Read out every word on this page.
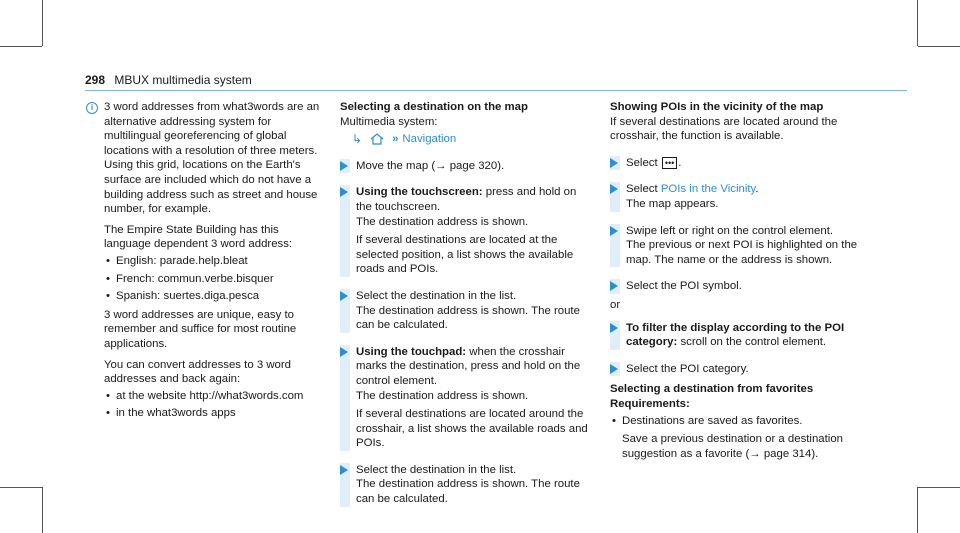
298 MBUX multimedia system
i 3 word addresses from what3words are an alternative addressing system for multilingual georeferencing of global locations with a resolution of three meters. Using this grid, locations on the Earth's surface are included which do not have a building address such as street and house number, for example.

The Empire State Building has this language dependent 3 word address:

• English: parade.help.bleat
• French: commun.verbe.bisquer
• Spanish: suertes.diga.pesca

3 word addresses are unique, easy to remember and suffice for most routine applications.

You can convert addresses to 3 word addresses and back again:

• at the website http://what3words.com
• in the what3words apps

Selecting a destination on the map

Multimedia system:

↳	» Navigation

Move the map (→ page 320).

Using the touchscreen: press and hold on the touchscreen.

The destination address is shown.

If several destinations are located at the selected position, a list shows the available roads and POIs.

Select the destination in the list.

The destination address is shown. The route can be calculated.

Using the touchpad: when the crosshair marks the destination, press and hold on the control element.

The destination address is shown.

If several destinations are located around the crosshair, a list shows the available roads and POIs.

Select the destination in the list.

The destination address is shown. The route can be calculated.

Showing POIs in the vicinity of the map

If several destinations are located around the crosshair, the function is available.

Select ••• .

Select POIs in the Vicinity.

The map appears.

Swipe left or right on the control element.

The previous or next POI is highlighted on the map. The name or the address is shown.

Select the POI symbol.

or

To filter the display according to the POI category: scroll on the control element.

Select the POI category.

Selecting a destination from favorites

Requirements:

• Destinations are saved as favorites.

Save a previous destination or a destination suggestion as a favorite (→ page 314).
